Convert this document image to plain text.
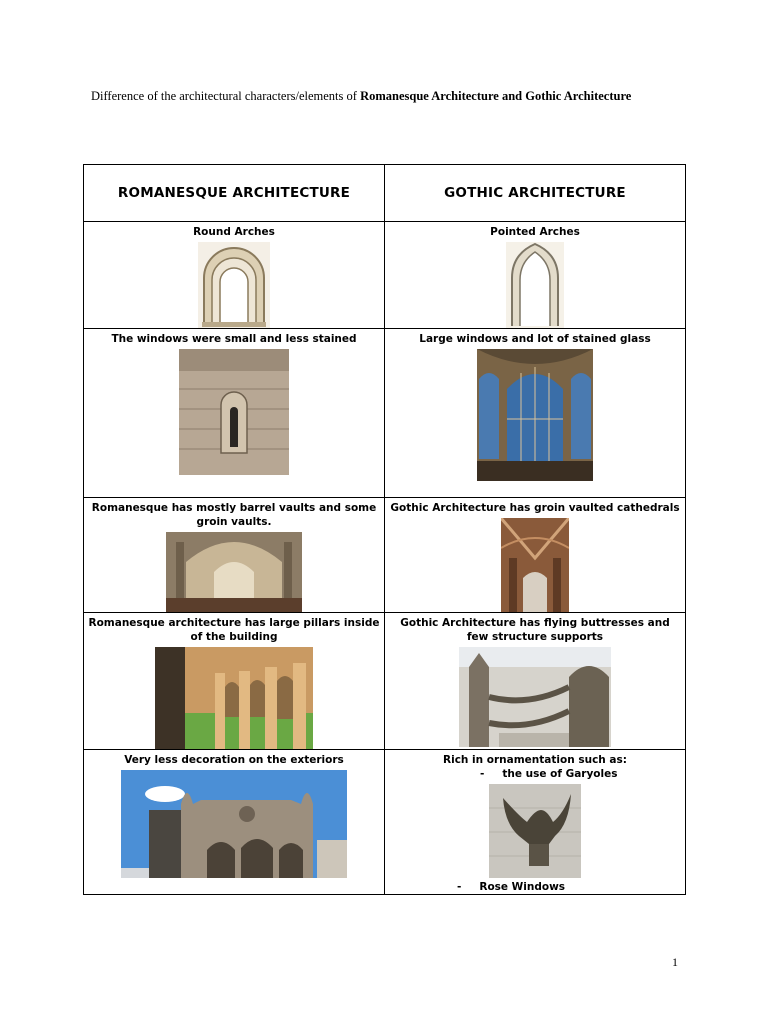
Difference of the architectural characters/elements of Romanesque Architecture and Gothic Architecture
ROMANESQUE ARCHITECTURE	GOTHIC ARCHITECTURE

Round Arches	Pointed Arches

The windows were small and less stained	Large windows and lot of stained glass

Romanesque has mostly barrel vaults and some groin vaults.	Gothic Architecture has groin vaulted cathedrals

Romanesque architecture has large pillars inside of the building	Gothic Architecture has flying buttresses and few structure supports

Very less decoration on the exteriors	Rich in ornamentation such as:
- the use of Garyoles
- Rose Windows
1
